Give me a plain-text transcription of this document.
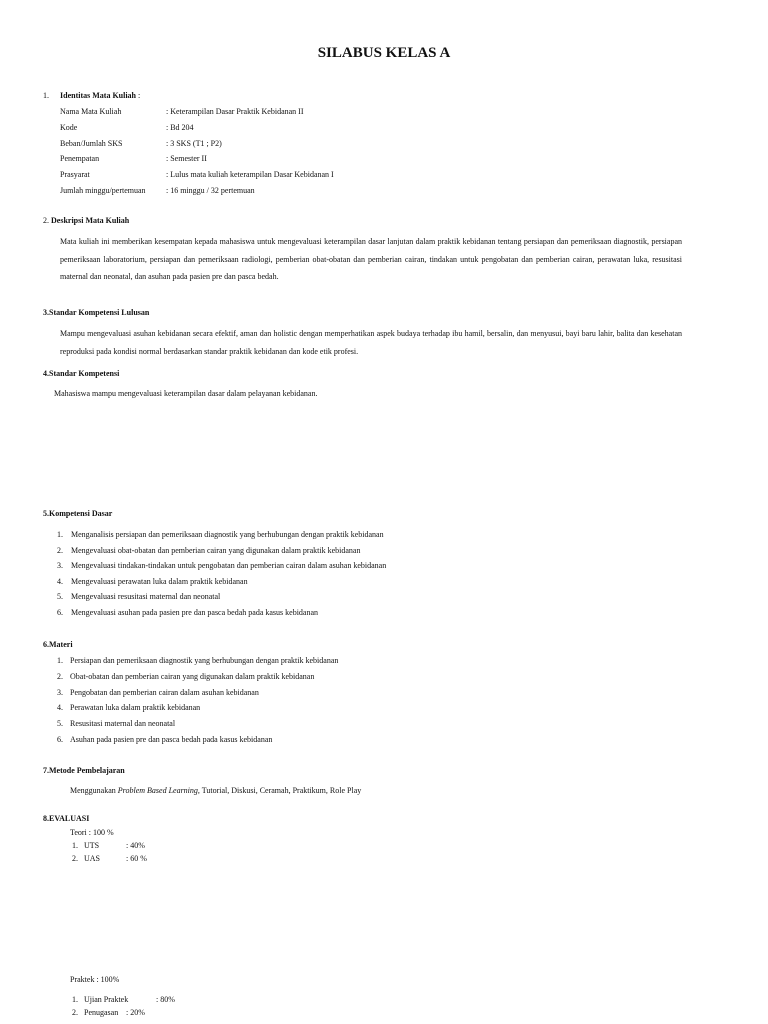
SILABUS KELAS A
1. Identitas Mata Kuliah :
Nama Mata Kuliah	: Keterampilan Dasar Praktik Kebidanan II
Kode	: Bd 204
Beban/Jumlah SKS	: 3 SKS (T1 ; P2)
Penempatan	: Semester II
Prasyarat	: Lulus mata kuliah keterampilan Dasar Kebidanan I
Jumlah minggu/pertemuan	: 16 minggu / 32 pertemuan
2. Deskripsi Mata Kuliah
Mata kuliah ini memberikan kesempatan kepada mahasiswa untuk mengevaluasi keterampilan dasar lanjutan dalam praktik kebidanan tentang persiapan dan pemeriksaan diagnostik, persiapan pemeriksaan laboratorium, persiapan dan pemeriksaan radiologi, pemberian obat-obatan dan pemberian cairan, tindakan untuk pengobatan dan pemberian cairan, perawatan luka, resusitasi maternal dan neonatal, dan asuhan pada pasien pre dan pasca bedah.
3.Standar Kompetensi Lulusan
Mampu mengevaluasi asuhan kebidanan secara efektif, aman dan holistic dengan memperhatikan aspek budaya terhadap ibu hamil, bersalin, dan menyusui, bayi baru lahir, balita dan kesehatan reproduksi pada kondisi normal berdasarkan standar praktik kebidanan dan kode etik profesi.
4.Standar Kompetensi
Mahasiswa mampu mengevaluasi keterampilan dasar dalam pelayanan kebidanan.
5.Kompetensi Dasar
1. Menganalisis persiapan dan pemeriksaan diagnostik yang berhubungan dengan praktik kebidanan
2. Mengevaluasi obat-obatan dan pemberian cairan yang digunakan dalam praktik kebidanan
3. Mengevaluasi tindakan-tindakan untuk pengobatan dan pemberian cairan dalam asuhan kebidanan
4. Mengevaluasi perawatan luka dalam praktik kebidanan
5. Mengevaluasi resusitasi maternal dan neonatal
6. Mengevaluasi asuhan pada pasien pre dan pasca bedah pada kasus kebidanan
6.Materi
1. Persiapan dan pemeriksaan diagnostik yang berhubungan dengan praktik kebidanan
2. Obat-obatan dan pemberian cairan yang digunakan dalam praktik kebidanan
3. Pengobatan dan pemberian cairan dalam asuhan kebidanan
4. Perawatan luka dalam praktik kebidanan
5. Resusitasi maternal dan neonatal
6. Asuhan pada pasien pre dan pasca bedah pada kasus kebidanan
7.Metode Pembelajaran
Menggunakan Problem Based Learning, Tutorial, Diskusi, Ceramah, Praktikum, Role Play
8.EVALUASI
Teori : 100 %
1. UTS	: 40%
2. UAS	: 60 %
Praktek : 100%
1. Ujian Praktek	: 80%
2. Penugasan : 20%
